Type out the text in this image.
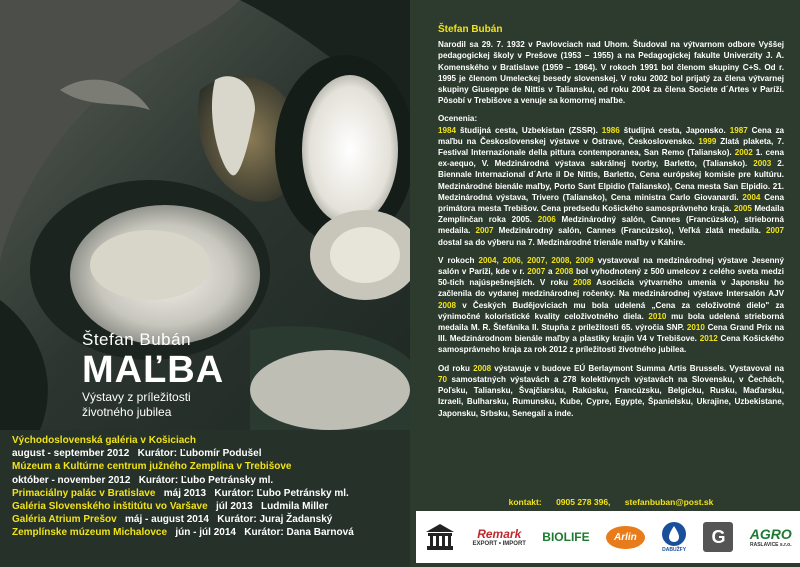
Štefan Bubán
MAĽBA
Výstavy z príležitosti
životného jubilea
Východoslovenská galéria v Košiciach
august - september 2012   Kurátor: Ľubomír Podušel
Múzeum a Kultúrne centrum južného Zemplína v Trebišove
október - november 2012   Kurátor: Ľubo Petránsky ml.
Primaciálny palác v Bratislave   máj 2013   Kurátor: Ľubo Petránsky ml.
Galéria Slovenského inštitútu vo Varšave   júl 2013   Ludmila Miller
Galéria Atrium Prešov   máj - august 2014   Kurátor: Juraj Žadanský
Zemplínske múzeum Michalovce   jún - júl 2014   Kurátor: Dana Barnová
Štefan Bubán

Narodil sa 29. 7. 1932 v Pavlovciach nad Uhom. Študoval na výtvarnom odbore Vyššej pedagogickej školy v Prešove (1953 – 1955) a na Pedagogickej fakulte Univerzity J. A. Komenského v Bratislave (1959 – 1964). V rokoch 1991 bol členom skupiny C+S. Od r. 1995 je členom Umeleckej besedy slovenskej. V roku 2002 bol prijatý za člena výtvarnej skupiny Giuseppe de Nittis v Taliansku, od roku 2004 za člena Societe d´Artes v Paríži. Pôsobí v Trebišove a venuje sa komornej maľbe.

Ocenenia:

1984 študijná cesta, Uzbekistan (ZSSR). 1986 študijná cesta, Japonsko. 1987 Cena za maľbu na Československej výstave v Ostrave, Československo. 1999 Zlatá plaketa, 7. Festival Internazionale della pittura contemporanea, San Remo (Taliansko). 2002 1. cena ex-aequo, V. Medzinárodná výstava sakrálnej tvorby, Barletto, (Taliansko). 2003 2. Biennale Internazional d´Arte il De Nittis, Barletto, Cena európskej komisie pre kultúru. Medzinárodné bienále maľby, Porto Sant Elpidio (Taliansko), Cena mesta San Elpidio. 21. Medzinárodná výstava, Trivero (Taliansko), Cena ministra Carlo Giovanardi. 2004 Cena primátora mesta Trebišov. Cena predsedu Košického samosprávneho kraja. 2005 Medaila Zemplínčan roka 2005. 2006 Medzinárodný salón, Cannes (Francúzsko), strieborná medaila. 2007 Medzinárodný salón, Cannes (Francúzsko), Veľká zlatá medaila. 2007 dostal sa do výberu na 7. Medzinárodné trienále maľby v Káhire.

V rokoch 2004, 2006, 2007, 2008, 2009 vystavoval na medzinárodnej výstave Jesenný salón v Paríži, kde v r. 2007 a 2008 bol vyhodnotený z 500 umelcov z celého sveta medzi 50-tich najúspešnejších. V roku 2008 Asociácia výtvarného umenia v Japonsku ho začlenila do vydanej medzinárodnej ročenky. Na medzinárodnej výstave Intersalón AJV 2008 v Českých Budějoviciach mu bola udelená „Cena za celoživotné dielo" za výnimočné koloristické kvality celoživotného diela. 2010 mu bola udelená strieborná medaila M. R. Štefánika II. Stupňa z príležitosti 65. výročia SNP. 2010 Cena Grand Prix na III. Medzinárodnom bienále maľby a plastiky krajín V4 v Trebišove. 2012 Cena Košického samosprávneho kraja za rok 2012 z príležitosti životného jubilea.

Od roku 2008 výstavuje v budove EÚ Berlaymont Summa Artis Brussels. Vystavoval na 70 samostatných výstavách a 278 kolektívnych výstavách na Slovensku, v Čechách, Poľsku, Taliansku, Švajčiarsku, Rakúsku, Francúzsku, Belgicku, Rusku, Maďarsku, Izraeli, Bulharsku, Rumunsku, Kube, Cypre, Egypte, Španielsku, Ukrajine, Uzbekistane, Japonsku, Srbsku, Senegali a inde.

kontakt: 0905 278 396, stefanbuban@post.sk
Remark
EXPORT • IMPORT BIOLIFE	Arlin
DABUŽFY
G	AGRO
RASLAVICE s.r.o.
